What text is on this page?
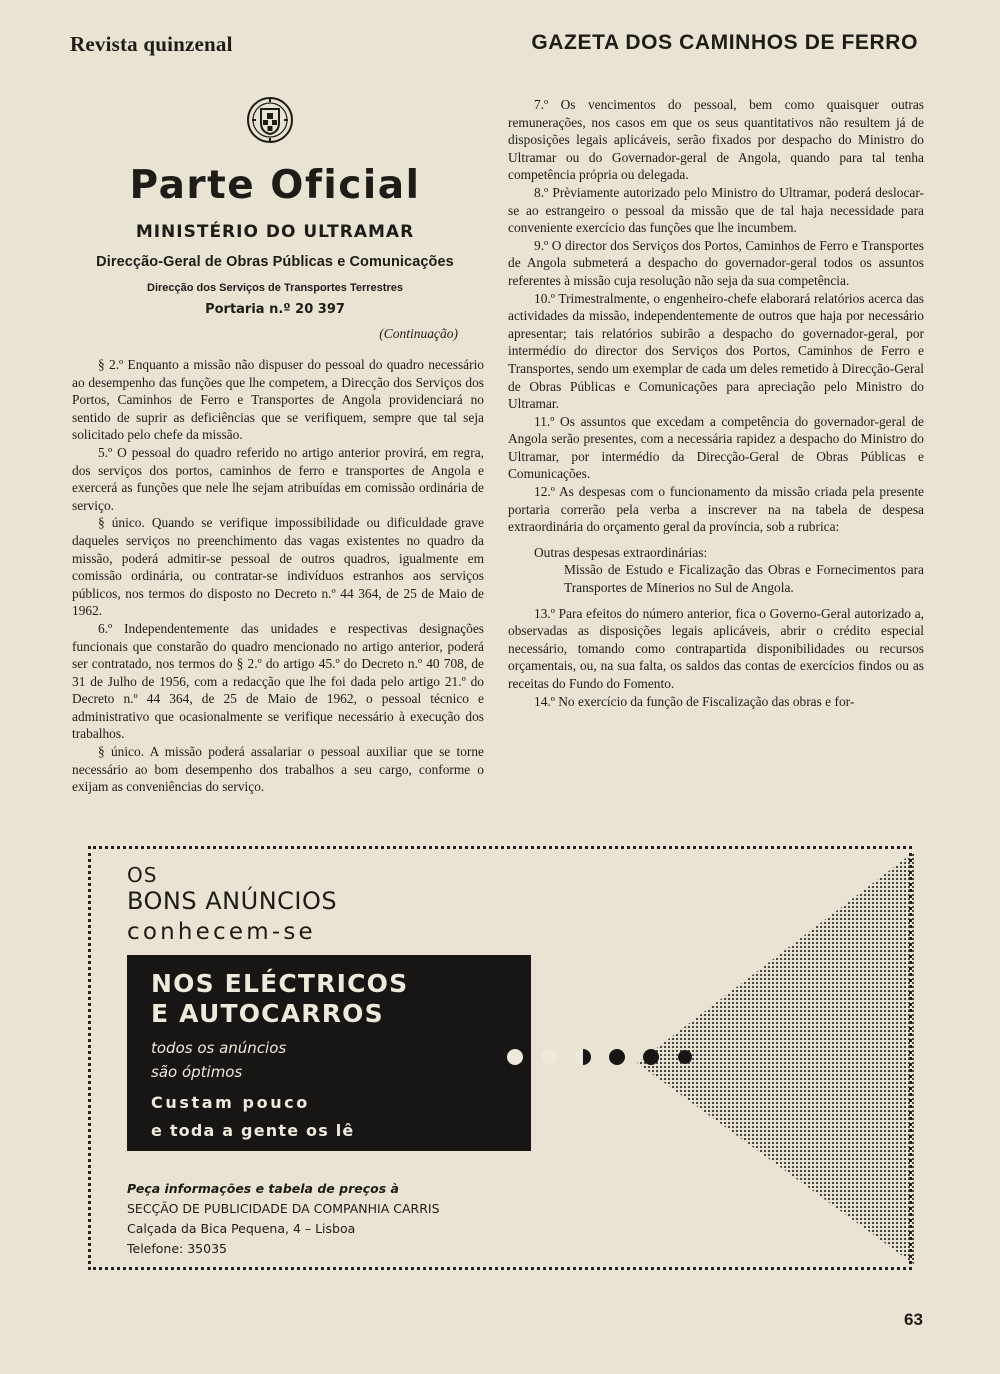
Revista quinzenal	GAZETA DOS CAMINHOS DE FERRO
Parte Oficial
MINISTÉRIO DO ULTRAMAR
Direcção-Geral de Obras Públicas e Comunicações
Direcção dos Serviços de Transportes Terrestres
Portaria n.º 20 397
(Continuação)

§ 2.º Enquanto a missão não dispuser do pessoal do quadro necessário ao desempenho das funções que lhe competem, a Direcção dos Serviços dos Portos, Caminhos de Ferro e Transportes de Angola providenciará no sentido de suprir as deficiências que se verifiquem, sempre que tal seja solicitado pelo chefe da missão.

5.º O pessoal do quadro referido no artigo anterior provirá, em regra, dos serviços dos portos, caminhos de ferro e transportes de Angola e exercerá as funções que nele lhe sejam atribuídas em comissão ordinária de serviço.

§ único. Quando se verifique impossibilidade ou dificuldade grave daqueles serviços no preenchimento das vagas existentes no quadro da missão, poderá admitir-se pessoal de outros quadros, igualmente em comissão ordinária, ou contratar-se indivíduos estranhos aos serviços públicos, nos termos do disposto no Decreto n.º 44 364, de 25 de Maio de 1962.

6.º Independentemente das unidades e respectivas designações funcionais que constarão do quadro mencionado no artigo anterior, poderá ser contratado, nos termos do § 2.º do artigo 45.º do Decreto n.º 40 708, de 31 de Julho de 1956, com a redacção que lhe foi dada pelo artigo 21.º do Decreto n.º 44 364, de 25 de Maio de 1962, o pessoal técnico e administrativo que ocasionalmente se verifique necessário à execução dos trabalhos.

§ único. A missão poderá assalariar o pessoal auxiliar que se torne necessário ao bom desempenho dos trabalhos a seu cargo, conforme o exijam as conveniências do serviço.

7.º Os vencimentos do pessoal, bem como quaisquer outras remunerações, nos casos em que os seus quantitativos não resultem já de disposições legais aplicáveis, serão fixados por despacho do Ministro do Ultramar ou do Governador-geral de Angola, quando para tal tenha competência própria ou delegada.

8.º Prèviamente autorizado pelo Ministro do Ultramar, poderá deslocar-se ao estrangeiro o pessoal da missão que de tal haja necessidade para conveniente exercício das funções que lhe incumbem.

9.º O director dos Serviços dos Portos, Caminhos de Ferro e Transportes de Angola submeterá a despacho do governador-geral todos os assuntos referentes à missão cuja resolução não seja da sua competência.

10.º Trimestralmente, o engenheiro-chefe elaborará relatórios acerca das actividades da missão, independentemente de outros que haja por necessário apresentar; tais relatórios subirão a despacho do governador-geral, por intermédio do director dos Serviços dos Portos, Caminhos de Ferro e Transportes, sendo um exemplar de cada um deles remetido à Direcção-Geral de Obras Públicas e Comunicações para apreciação pelo Ministro do Ultramar.

11.º Os assuntos que excedam a competência do governador-geral de Angola serão presentes, com a necessária rapidez a despacho do Ministro do Ultramar, por intermédio da Direcção-Geral de Obras Públicas e Comunicações.

12.º As despesas com o funcionamento da missão criada pela presente portaria correrão pela verba a inscrever na na tabela de despesa extraordinária do orçamento geral da província, sob a rubrica:

Outras despesas extraordinárias:

Missão de Estudo e Ficalização das Obras e Fornecimentos para Transportes de Minerios no Sul de Angola.

13.º Para efeitos do número anterior, fica o Governo-Geral autorizado a, observadas as disposições legais aplicáveis, abrir o crédito especial necessário, tomando como contrapartida disponibilidades ou recursos orçamentais, ou, na sua falta, os saldos das contas de exercícios findos ou as receitas do Fundo do Fomento.

14.º No exercício da função de Fiscalização das obras e for-

OS
BONS ANÚNCIOS
conhecem-se
NOS ELÉCTRICOS
E AUTOCARROS
todos os anúncios
são óptimos
Custam pouco
e toda a gente os lê
Peça informações e tabela de preços à
SECÇÃO DE PUBLICIDADE DA COMPANHIA CARRIS
Calçada da Bica Pequena, 4 – Lisboa
Telefone: 35035
63
